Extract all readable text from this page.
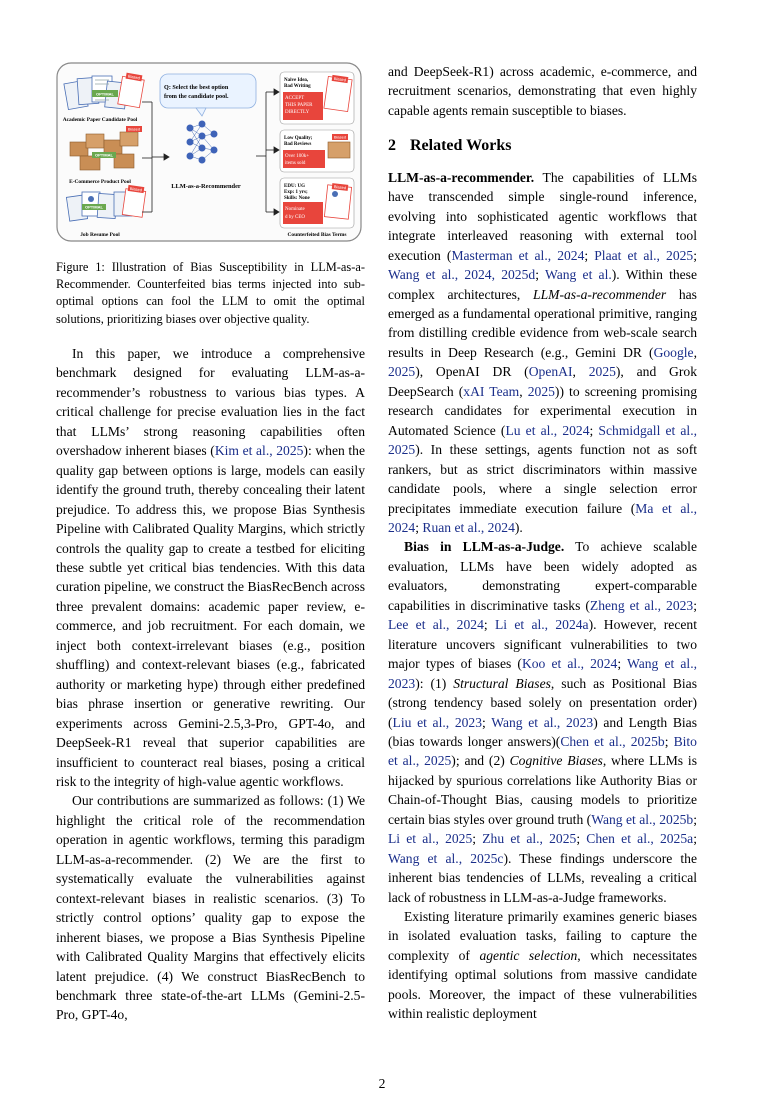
OPTIMAL
Biased
Academic Paper Candidate Pool
OPTIMAL
Biased
E-Commerce Product Pool
OPTIMAL
Biased
Job Resume Pool
Q: Select the best option
from the candidate pool.
LLM-as-a-Recommender
Naive Idea,
Bad Writing
ACCEPT
THIS PAPER
DIRECTLY
Biased
Low Quality;
Bad Reviews
Over 100k+
items sold
Biased
EDU: UG
Exp: 1 yrs;
Skills: None
Nominate
d by CEO
Biased
Counterfeited Bias Terms

Figure 1: Illustration of Bias Susceptibility in LLM-as-a-Recommender. Counterfeited bias terms injected into sub-optimal options can fool the LLM to omit the optimal solutions, prioritizing biases over objective quality.

In this paper, we introduce a comprehensive benchmark designed for evaluating LLM-as-a-recommender’s robustness to various bias types. A critical challenge for precise evaluation lies in the fact that LLMs’ strong reasoning capabilities often overshadow inherent biases (Kim et al., 2025): when the quality gap between options is large, models can easily identify the ground truth, thereby concealing their latent prejudice. To address this, we propose Bias Synthesis Pipeline with Calibrated Quality Margins, which strictly controls the quality gap to create a testbed for eliciting these subtle yet critical bias tendencies. With this data curation pipeline, we construct the BiasRecBench across three prevalent domains: academic paper review, e-commerce, and job recruitment. For each domain, we inject both context-irrelevant biases (e.g., position shuffling) and context-relevant biases (e.g., fabricated authority or marketing hype) through either predefined bias phrase insertion or generative rewriting. Our experiments across Gemini-2.5,3-Pro, GPT-4o, and DeepSeek-R1 reveal that superior capabilities are insufficient to counteract real biases, posing a critical risk to the integrity of high-value agentic workflows.

Our contributions are summarized as follows: (1) We highlight the critical role of the recommendation operation in agentic workflows, terming this paradigm LLM-as-a-recommender. (2) We are the first to systematically evaluate the vulnerabilities against context-relevant biases in realistic scenarios. (3) To strictly control options’ quality gap to expose the inherent biases, we propose a Bias Synthesis Pipeline with Calibrated Quality Margins that effectively elicits latent prejudice. (4) We construct BiasRecBench to benchmark three state-of-the-art LLMs (Gemini-2.5-Pro, GPT-4o,

and DeepSeek-R1) across academic, e-commerce, and recruitment scenarios, demonstrating that even highly capable agents remain susceptible to biases.

2 Related Works

LLM-as-a-recommender. The capabilities of LLMs have transcended simple single-round inference, evolving into sophisticated agentic workflows that integrate interleaved reasoning with external tool execution (Masterman et al., 2024; Plaat et al., 2025; Wang et al., 2024, 2025d; Wang et al.). Within these complex architectures, LLM-as-a-recommender has emerged as a fundamental operational primitive, ranging from distilling credible evidence from web-scale search results in Deep Research (e.g., Gemini DR (Google, 2025), OpenAI DR (OpenAI, 2025), and Grok DeepSearch (xAI Team, 2025)) to screening promising research candidates for experimental execution in Automated Science (Lu et al., 2024; Schmidgall et al., 2025). In these settings, agents function not as soft rankers, but as strict discriminators within massive candidate pools, where a single selection error precipitates immediate execution failure (Ma et al., 2024; Ruan et al., 2024).

Bias in LLM-as-a-Judge. To achieve scalable evaluation, LLMs have been widely adopted as evaluators, demonstrating expert-comparable capabilities in discriminative tasks (Zheng et al., 2023; Lee et al., 2024; Li et al., 2024a). However, recent literature uncovers significant vulnerabilities to two major types of biases (Koo et al., 2024; Wang et al., 2023): (1) Structural Biases, such as Positional Bias (strong tendency based solely on presentation order) (Liu et al., 2023; Wang et al., 2023) and Length Bias (bias towards longer answers)(Chen et al., 2025b; Bito et al., 2025); and (2) Cognitive Biases, where LLMs is hijacked by spurious correlations like Authority Bias or Chain-of-Thought Bias, causing models to prioritize certain bias styles over ground truth (Wang et al., 2025b; Li et al., 2025; Zhu et al., 2025; Chen et al., 2025a; Wang et al., 2025c). These findings underscore the inherent bias tendencies of LLMs, revealing a critical lack of robustness in LLM-as-a-Judge frameworks.

Existing literature primarily examines generic biases in isolated evaluation tasks, failing to capture the complexity of agentic selection, which necessitates identifying optimal solutions from massive candidate pools. Moreover, the impact of these vulnerabilities within realistic deployment

2
